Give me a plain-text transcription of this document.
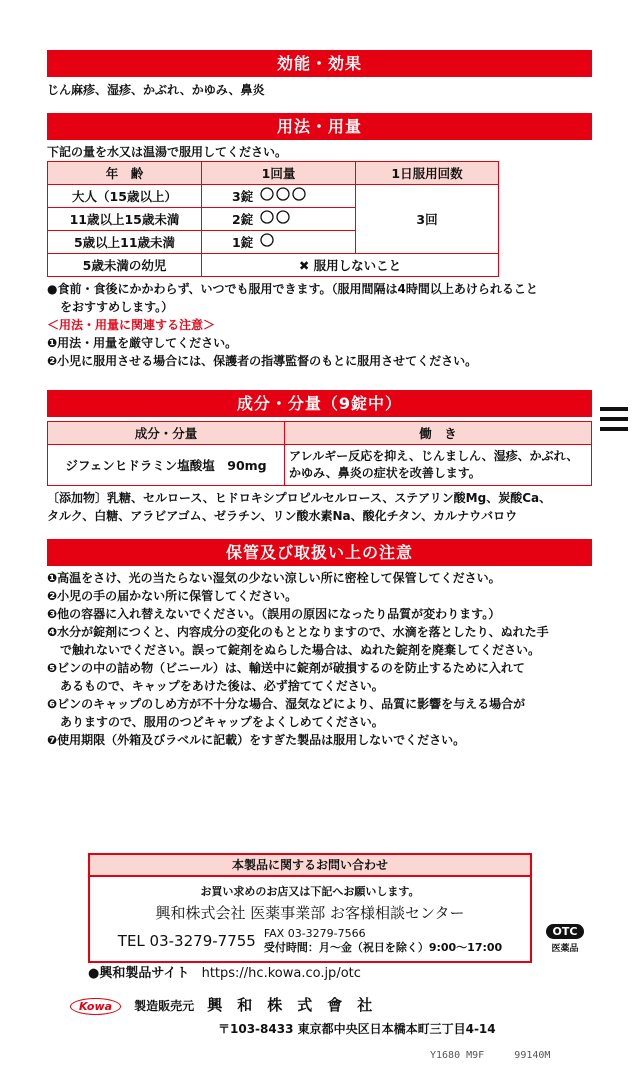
効能・効果
じん麻疹、湿疹、かぶれ、かゆみ、鼻炎
用法・用量
下記の量を水又は温湯で服用してください。
年　齢	1回量	1日服用回数
大人（15歳以上）	3錠	3回
11歳以上15歳未満	2錠	
5歳以上11歳未満	1錠	
5歳未満の幼児	✖ 服用しないこと	
●食前・食後にかかわらず、いつでも服用できます。（服用間隔は4時間以上あけられること
をおすすめします。）
＜用法・用量に関連する注意＞
❶用法・用量を厳守してください。
❷小児に服用させる場合には、保護者の指導監督のもとに服用させてください。
成分・分量（9錠中）
成分・分量	働　き
ジフェンヒドラミン塩酸塩　90mg	アレルギー反応を抑え、じんましん、湿疹、かぶれ、
かゆみ、鼻炎の症状を改善します。
〔添加物〕乳糖、セルロース、ヒドロキシプロピルセルロース、ステアリン酸Mg、炭酸Ca、
タルク、白糖、アラビアゴム、ゼラチン、リン酸水素Na、酸化チタン、カルナウバロウ
保管及び取扱い上の注意
❶高温をさけ、光の当たらない湿気の少ない涼しい所に密栓して保管してください。
❷小児の手の届かない所に保管してください。
❸他の容器に入れ替えないでください。（誤用の原因になったり品質が変わります。）
❹水分が錠剤につくと、内容成分の変化のもととなりますので、水滴を落としたり、ぬれた手
で触れないでください。誤って錠剤をぬらした場合は、ぬれた錠剤を廃棄してください。
❺ビンの中の詰め物（ビニール）は、輸送中に錠剤が破損するのを防止するために入れて
あるもので、キャップをあけた後は、必ず捨ててください。
❻ビンのキャップのしめ方が不十分な場合、湿気などにより、品質に影響を与える場合が
ありますので、服用のつどキャップをよくしめてください。
❼使用期限（外箱及びラベルに記載）をすぎた製品は服用しないでください。
本製品に関するお問い合わせ
お買い求めのお店又は下記へお願いします。
興和株式会社 医薬事業部 お客様相談センター
TEL 03-3279-7755 FAX 03-3279-7566
受付時間：月～金（祝日を除く）9:00～17:00
OTC
医薬品
●興和製品サイト https://hc.kowa.co.jp/otc
Kowa 製造販売元 興　和　株　式　會　社
〒103-8433 東京都中央区日本橋本町三丁目4-14
Y1680 M9F	99140M
